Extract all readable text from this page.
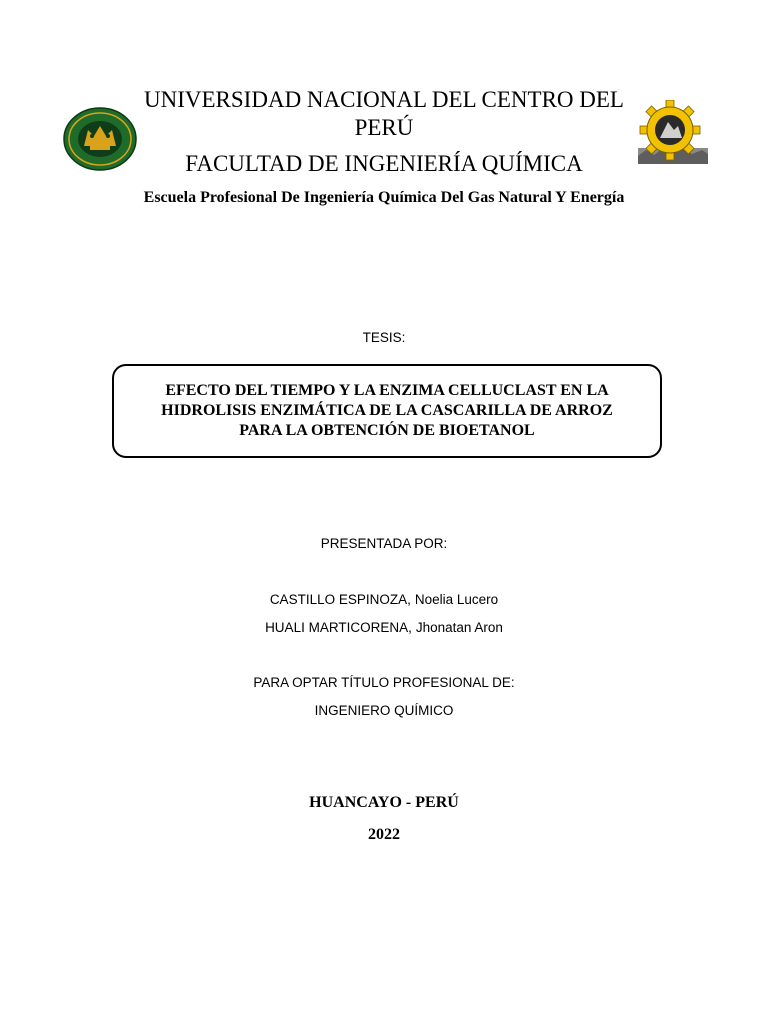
UNIVERSIDAD NACIONAL DEL CENTRO DEL
PERÚ
FACULTAD DE INGENIERÍA QUÍMICA
Escuela Profesional De Ingeniería Química Del Gas Natural Y Energía
TESIS:
EFECTO DEL TIEMPO Y LA ENZIMA CELLUCLAST EN LA
HIDROLISIS ENZIMÁTICA DE LA CASCARILLA DE ARROZ
PARA LA OBTENCIÓN DE BIOETANOL
PRESENTADA POR:
CASTILLO ESPINOZA, Noelia Lucero
HUALI MARTICORENA, Jhonatan Aron
PARA OPTAR TÍTULO PROFESIONAL DE:
INGENIERO QUÍMICO
HUANCAYO - PERÚ
2022
